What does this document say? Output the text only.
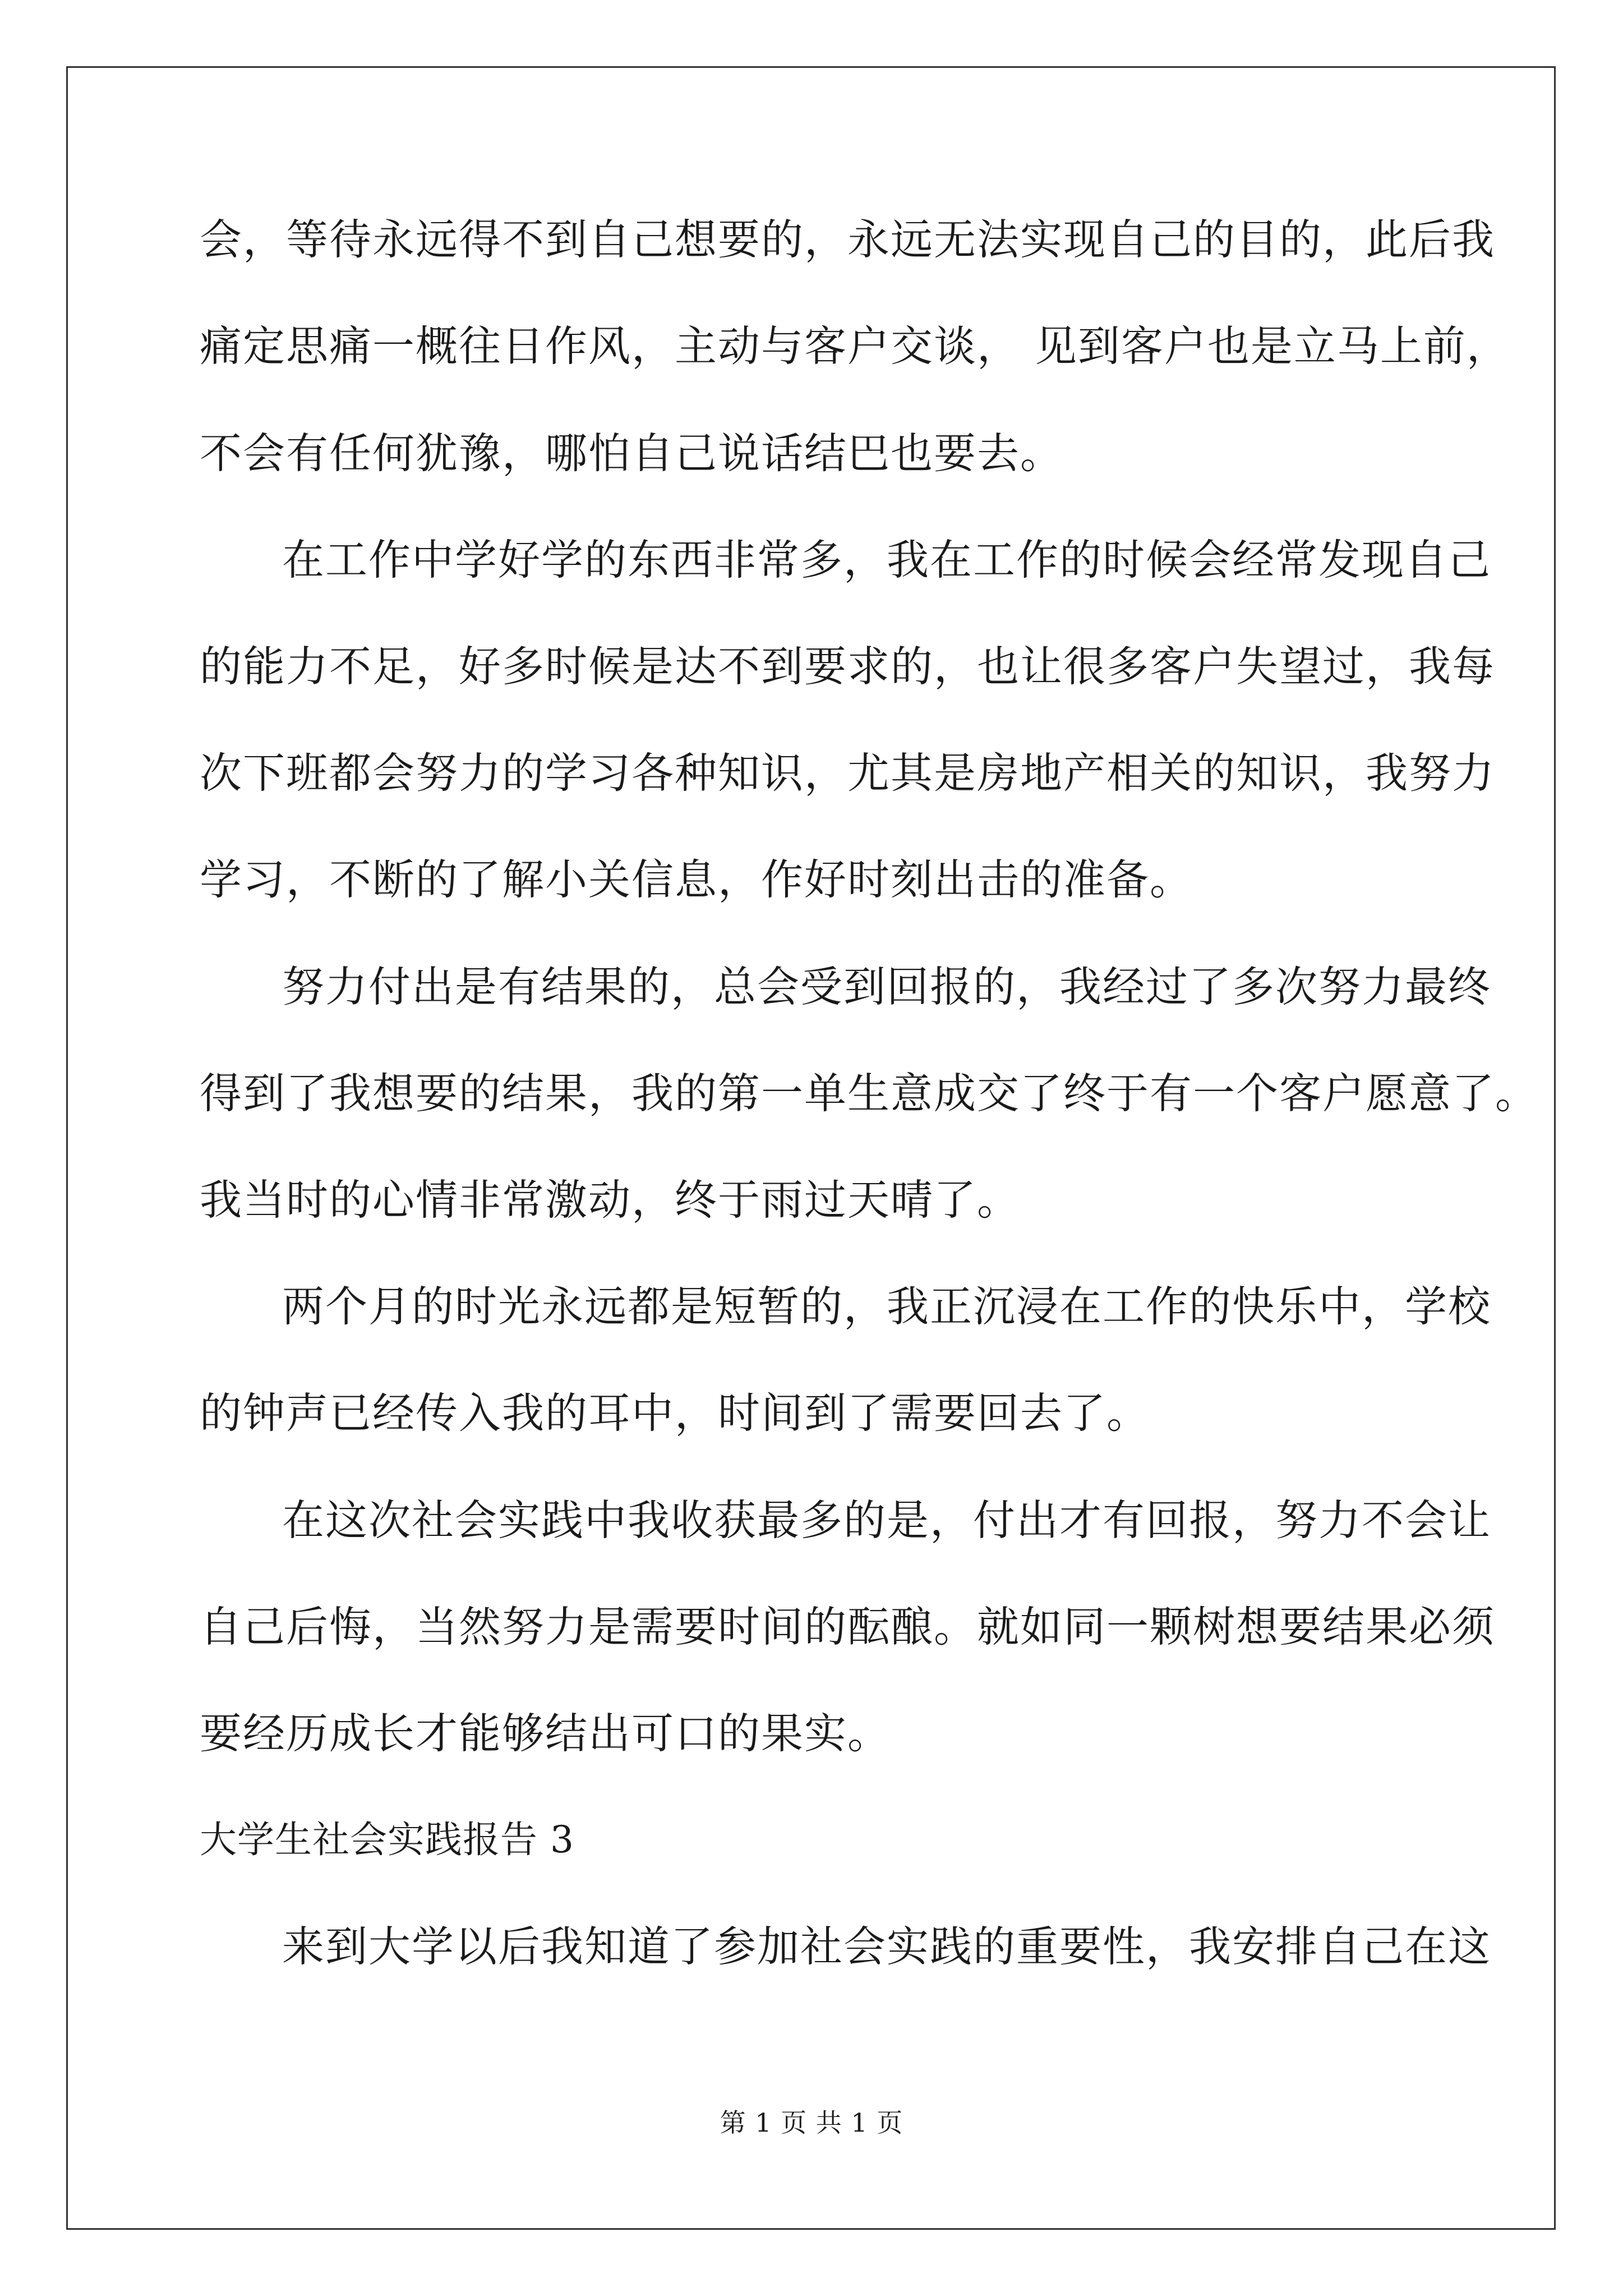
会，等待永远得不到自己想要的，永远无法实现自己的目的，此后我
痛定思痛一概往日作风，主动与客户交谈， 见到客户也是立马上前，
不会有任何犹豫，哪怕自己说话结巴也要去。
在工作中学好学的东西非常多，我在工作的时候会经常发现自己
的能力不足，好多时候是达不到要求的，也让很多客户失望过，我每
次下班都会努力的学习各种知识，尤其是房地产相关的知识，我努力
学习，不断的了解小关信息，作好时刻出击的准备。
努力付出是有结果的，总会受到回报的，我经过了多次努力最终
得到了我想要的结果，我的第一单生意成交了终于有一个客户愿意了。
我当时的心情非常激动，终于雨过天晴了。
两个月的时光永远都是短暂的，我正沉浸在工作的快乐中，学校
的钟声已经传入我的耳中，时间到了需要回去了。
在这次社会实践中我收获最多的是，付出才有回报，努力不会让
自己后悔，当然努力是需要时间的酝酿。就如同一颗树想要结果必须
要经历成长才能够结出可口的果实。
大学生社会实践报告 3
来到大学以后我知道了参加社会实践的重要性，我安排自己在这
第 1 页 共 1 页
